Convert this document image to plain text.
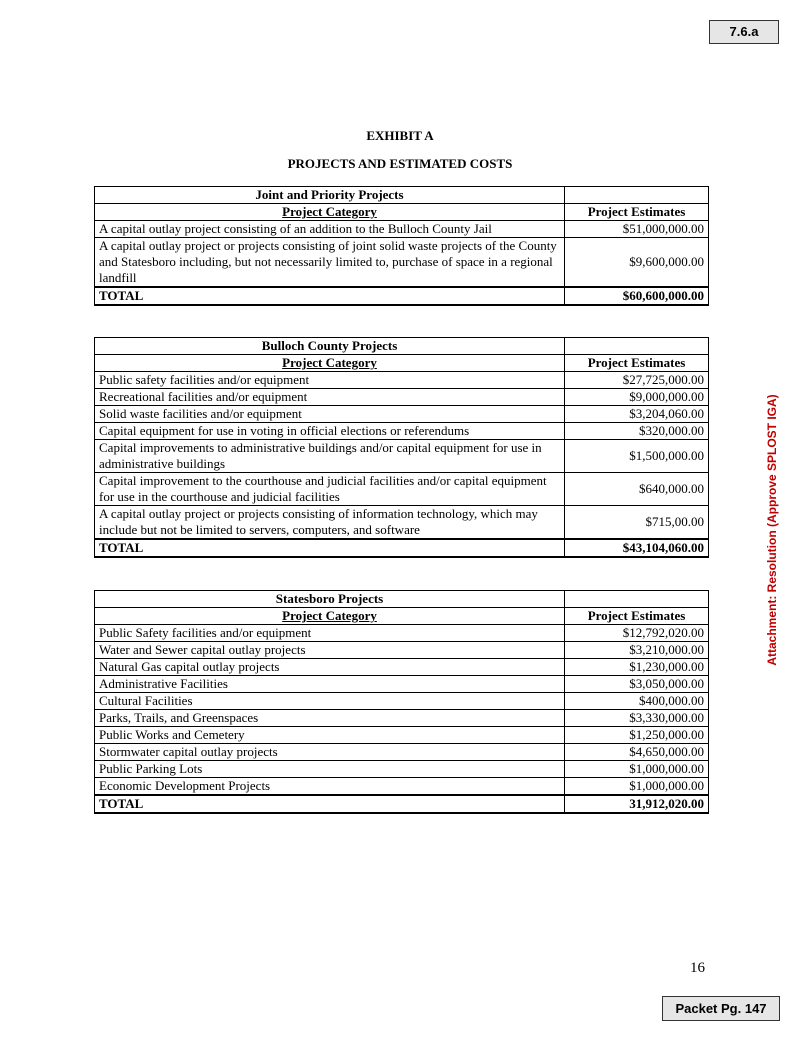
7.6.a
Attachment: Resolution (Approve SPLOST IGA)
EXHIBIT A
PROJECTS AND ESTIMATED COSTS
Joint and Priority Projects	
Project Category	Project Estimates
A capital outlay project consisting of an addition to the Bulloch County Jail	$51,000,000.00
A capital outlay project or projects consisting of joint solid waste projects of the County and Statesboro including, but not necessarily limited to, purchase of space in a regional landfill	$9,600,000.00
TOTAL	$60,600,000.00
Bulloch County Projects	
Project Category	Project Estimates
Public safety facilities and/or equipment	$27,725,000.00
Recreational facilities and/or equipment	$9,000,000.00
Solid waste facilities and/or equipment	$3,204,060.00
Capital equipment for use in voting in official elections or referendums	$320,000.00
Capital improvements to administrative buildings and/or capital equipment for use in administrative buildings	$1,500,000.00
Capital improvement to the courthouse and judicial facilities and/or capital equipment for use in the courthouse and judicial facilities	$640,000.00
A capital outlay project or projects consisting of information technology, which may include but not be limited to servers, computers, and software	$715,00.00
TOTAL	$43,104,060.00
Statesboro Projects	
Project Category	Project Estimates
Public Safety facilities and/or equipment	$12,792,020.00
Water and Sewer capital outlay projects	$3,210,000.00
Natural Gas capital outlay projects	$1,230,000.00
Administrative Facilities	$3,050,000.00
Cultural Facilities	$400,000.00
Parks, Trails, and Greenspaces	$3,330,000.00
Public Works and Cemetery	$1,250,000.00
Stormwater capital outlay projects	$4,650,000.00
Public Parking Lots	$1,000,000.00
Economic Development Projects	$1,000,000.00
TOTAL	31,912,020.00
16
Packet Pg. 147
